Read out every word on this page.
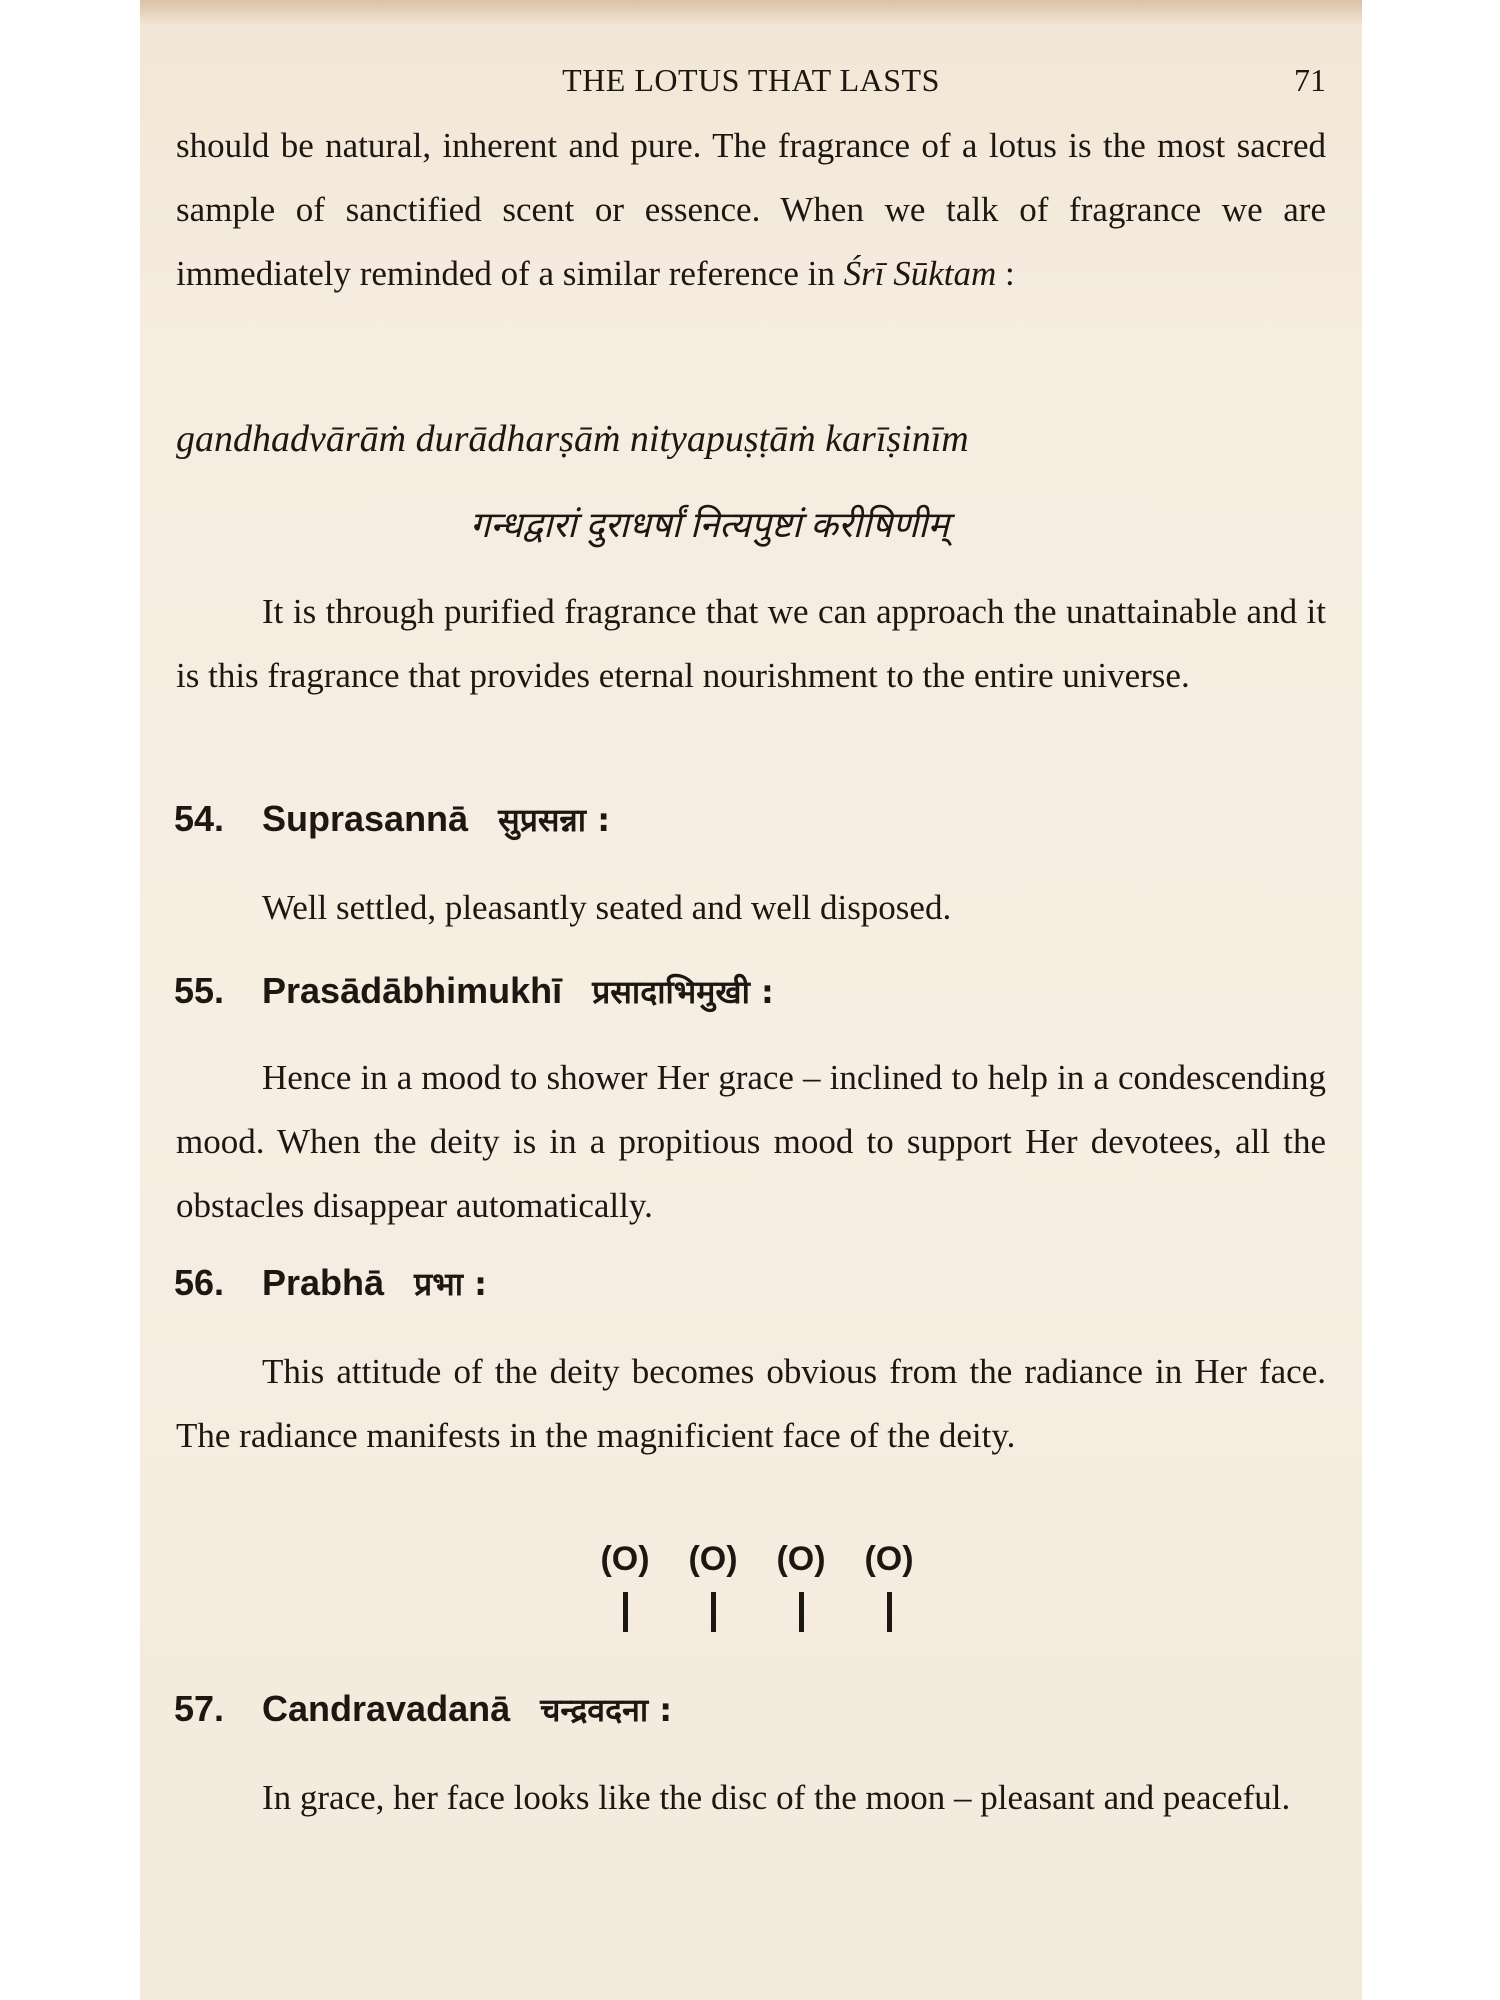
THE LOTUS THAT LASTS	71

should be natural, inherent and pure. The fragrance of a lotus is the most sacred sample of sanctified scent or essence. When we talk of fragrance we are immediately reminded of a similar reference in Śrī Sūktam :

gandhadvārāṁ durādharṣāṁ nityapuṣṭāṁ karīṣinīm
गन्धद्वारां दुराधर्षां नित्यपुष्टां करीषिणीम्

It is through purified fragrance that we can approach the unattainable and it is this fragrance that provides eternal nourishment to the entire universe.

54. Suprasannā सुप्रसन्ना :

Well settled, pleasantly seated and well disposed.

55. Prasādābhimukhī प्रसादाभिमुखी :

Hence in a mood to shower Her grace – inclined to help in a condescending mood. When the deity is in a propitious mood to support Her devotees, all the obstacles disappear automatically.

56. Prabhā प्रभा :

This attitude of the deity becomes obvious from the radiance in Her face. The radiance manifests in the magnificient face of the deity.

(O)	(O)	(O)	(O)
57. Candravadanā चन्द्रवदना :

In grace, her face looks like the disc of the moon – pleasant and peaceful.
